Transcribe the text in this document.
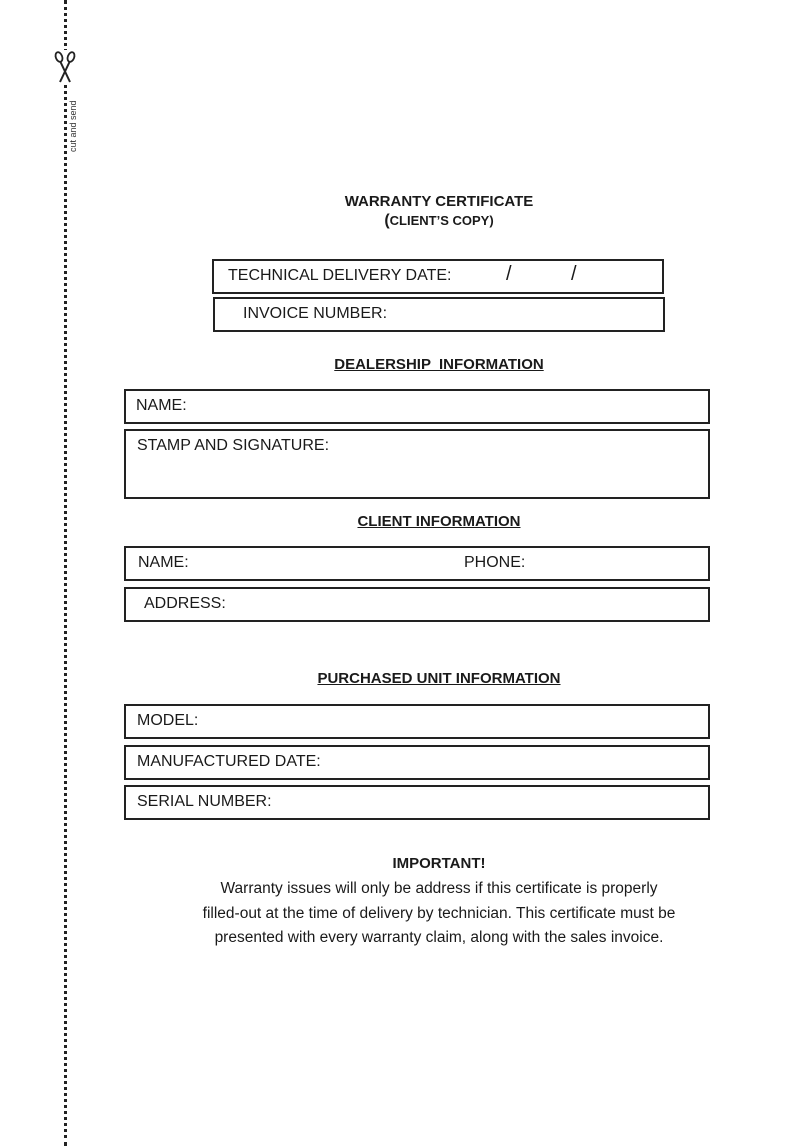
cut and send
WARRANTY CERTIFICATE
(CLIENT’S COPY)
TECHNICAL DELIVERY DATE:	/	/
INVOICE NUMBER:
DEALERSHIP  INFORMATION
NAME:
STAMP AND SIGNATURE:
CLIENT INFORMATION
NAME:	PHONE:
ADDRESS:
PURCHASED UNIT INFORMATION
MODEL:
MANUFACTURED DATE:
SERIAL NUMBER:
IMPORTANT!
Warranty issues will only be address if this certificate is properly
filled-out at the time of delivery by technician. This certificate must be
presented with every warranty claim, along with the sales invoice.
